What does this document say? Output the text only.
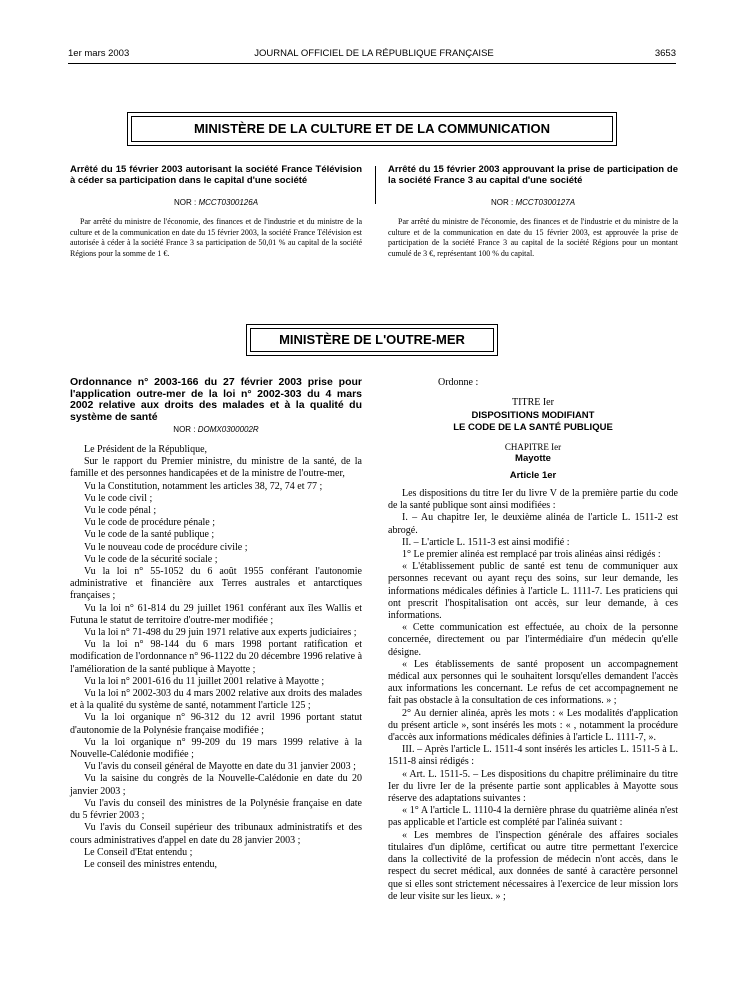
1er mars 2003	JOURNAL OFFICIEL DE LA RÉPUBLIQUE FRANÇAISE	3653
MINISTÈRE DE LA CULTURE ET DE LA COMMUNICATION
Arrêté du 15 février 2003 autorisant la société France Télévision à céder sa participation dans le capital d'une société
NOR : MCCT0300126A

Par arrêté du ministre de l'économie, des finances et de l'industrie et du ministre de la culture et de la communication en date du 15 février 2003, la société France Télévision est autorisée à céder à la société France 3 sa participation de 50,01 % au capital de la société Régions pour la somme de 1 €.

Arrêté du 15 février 2003 approuvant la prise de participation de la société France 3 au capital d'une société
NOR : MCCT0300127A

Par arrêté du ministre de l'économie, des finances et de l'industrie et du ministre de la culture et de la communication en date du 15 février 2003, est approuvée la prise de participation de la société France 3 au capital de la société Régions pour un montant cumulé de 3 €, représentant 100 % du capital.

MINISTÈRE DE L'OUTRE-MER
Ordonnance n° 2003-166 du 27 février 2003 prise pour l'application outre-mer de la loi n° 2002-303 du 4 mars 2002 relative aux droits des malades et à la qualité du système de santé
NOR : DOMX0300002R

Le Président de la République,

Sur le rapport du Premier ministre, du ministre de la santé, de la famille et des personnes handicapées et de la ministre de l'outre-mer,

Vu la Constitution, notamment les articles 38, 72, 74 et 77 ;

Vu le code civil ;

Vu le code pénal ;

Vu le code de procédure pénale ;

Vu le code de la santé publique ;

Vu le nouveau code de procédure civile ;

Vu le code de la sécurité sociale ;

Vu la loi n° 55-1052 du 6 août 1955 conférant l'autonomie administrative et financière aux Terres australes et antarctiques françaises ;

Vu la loi n° 61-814 du 29 juillet 1961 conférant aux îles Wallis et Futuna le statut de territoire d'outre-mer modifiée ;

Vu la loi n° 71-498 du 29 juin 1971 relative aux experts judiciaires ;

Vu la loi n° 98-144 du 6 mars 1998 portant ratification et modification de l'ordonnance n° 96-1122 du 20 décembre 1996 relative à l'amélioration de la santé publique à Mayotte ;

Vu la loi n° 2001-616 du 11 juillet 2001 relative à Mayotte ;

Vu la loi n° 2002-303 du 4 mars 2002 relative aux droits des malades et à la qualité du système de santé, notamment l'article 125 ;

Vu la loi organique n° 96-312 du 12 avril 1996 portant statut d'autonomie de la Polynésie française modifiée ;

Vu la loi organique n° 99-209 du 19 mars 1999 relative à la Nouvelle-Calédonie modifiée ;

Vu l'avis du conseil général de Mayotte en date du 31 janvier 2003 ;

Vu la saisine du congrès de la Nouvelle-Calédonie en date du 20 janvier 2003 ;

Vu l'avis du conseil des ministres de la Polynésie française en date du 5 février 2003 ;

Vu l'avis du Conseil supérieur des tribunaux administratifs et des cours administratives d'appel en date du 28 janvier 2003 ;

Le Conseil d'Etat entendu ;

Le conseil des ministres entendu,

Ordonne :
TITRE Ier
DISPOSITIONS MODIFIANT
LE CODE DE LA SANTÉ PUBLIQUE
CHAPITRE Ier
Mayotte
Article 1er

Les dispositions du titre Ier du livre V de la première partie du code de la santé publique sont ainsi modifiées :

I. – Au chapitre Ier, le deuxième alinéa de l'article L. 1511-2 est abrogé.

II. – L'article L. 1511-3 est ainsi modifié :

1° Le premier alinéa est remplacé par trois alinéas ainsi rédigés :

« L'établissement public de santé est tenu de communiquer aux personnes recevant ou ayant reçu des soins, sur leur demande, les informations médicales définies à l'article L. 1111-7. Les praticiens qui ont prescrit l'hospitalisation ont accès, sur leur demande, à ces informations.

« Cette communication est effectuée, au choix de la personne concernée, directement ou par l'intermédiaire d'un médecin qu'elle désigne.

« Les établissements de santé proposent un accompagnement médical aux personnes qui le souhaitent lorsqu'elles demandent l'accès aux informations les concernant. Le refus de cet accompagnement ne fait pas obstacle à la consultation de ces informations. » ;

2° Au dernier alinéa, après les mots : « Les modalités d'application du présent article », sont insérés les mots : « , notamment la procédure d'accès aux informations médicales définies à l'article L. 1111-7, ».

III. – Après l'article L. 1511-4 sont insérés les articles L. 1511-5 à L. 1511-8 ainsi rédigés :

« Art. L. 1511-5. – Les dispositions du chapitre préliminaire du titre Ier du livre Ier de la présente partie sont applicables à Mayotte sous réserve des adaptations suivantes :

« 1° A l'article L. 1110-4 la dernière phrase du quatrième alinéa n'est pas applicable et l'article est complété par l'alinéa suivant :

« Les membres de l'inspection générale des affaires sociales titulaires d'un diplôme, certificat ou autre titre permettant l'exercice dans la collectivité de la profession de médecin n'ont accès, dans le respect du secret médical, aux données de santé à caractère personnel que si elles sont strictement nécessaires à l'exercice de leur mission lors de leur visite sur les lieux. » ;
